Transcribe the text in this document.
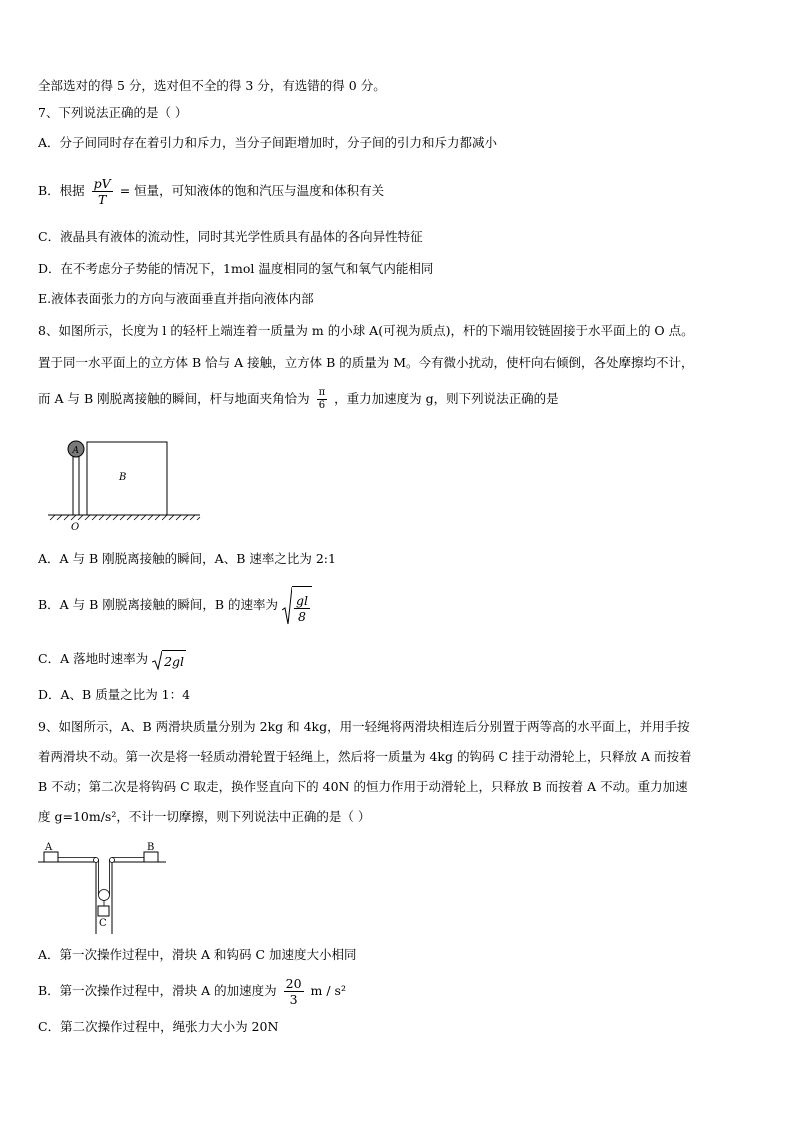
全部选对的得 5 分，选对但不全的得 3 分，有选错的得 0 分。
7、下列说法正确的是（ ）
A．分子间同时存在着引力和斥力，当分子间距增加时，分子间的引力和斥力都减小
B．根据 $\frac{pV}{T}$ = 恒量，可知液体的饱和汽压与温度和体积有关
C．液晶具有液体的流动性，同时其光学性质具有晶体的各向异性特征
D．在不考虑分子势能的情况下，1mol 温度相同的氢气和氧气内能相同
E.液体表面张力的方向与液面垂直并指向液体内部
8、如图所示，长度为 l 的轻杆上端连着一质量为 m 的小球 A(可视为质点)，杆的下端用铰链固接于水平面上的 O 点。
置于同一水平面上的立方体 B 恰与 A 接触，立方体 B 的质量为 M。今有微小扰动，使杆向右倾倒，各处摩擦均不计，
而 A 与 B 刚脱离接触的瞬间，杆与地面夹角恰为 $\frac{\pi}{6}$ ，重力加速度为 g，则下列说法正确的是
A
B
O
A．A 与 B 刚脱离接触的瞬间，A、B 速率之比为 2:1
B．A 与 B 刚脱离接触的瞬间，B 的速率为 $\frac{gl}{8}$
C．A 落地时速率为 2gl
D．A、B 质量之比为 1：4
9、如图所示，A、B 两滑块质量分别为 2kg 和 4kg，用一轻绳将两滑块相连后分别置于两等高的水平面上，并用手按
着两滑块不动。第一次是将一轻质动滑轮置于轻绳上，然后将一质量为 4kg 的钩码 C 挂于动滑轮上，只释放 A 而按着
B 不动；第二次是将钩码 C 取走，换作竖直向下的 40N 的恒力作用于动滑轮上，只释放 B 而按着 A 不动。重力加速
度 g=10m/s²，不计一切摩擦，则下列说法中正确的是（ ）
A	B
C
A．第一次操作过程中，滑块 A 和钩码 C 加速度大小相同
B．第一次操作过程中，滑块 A 的加速度为 $\frac{20}{3}$ m / s²
C．第二次操作过程中，绳张力大小为 20N
